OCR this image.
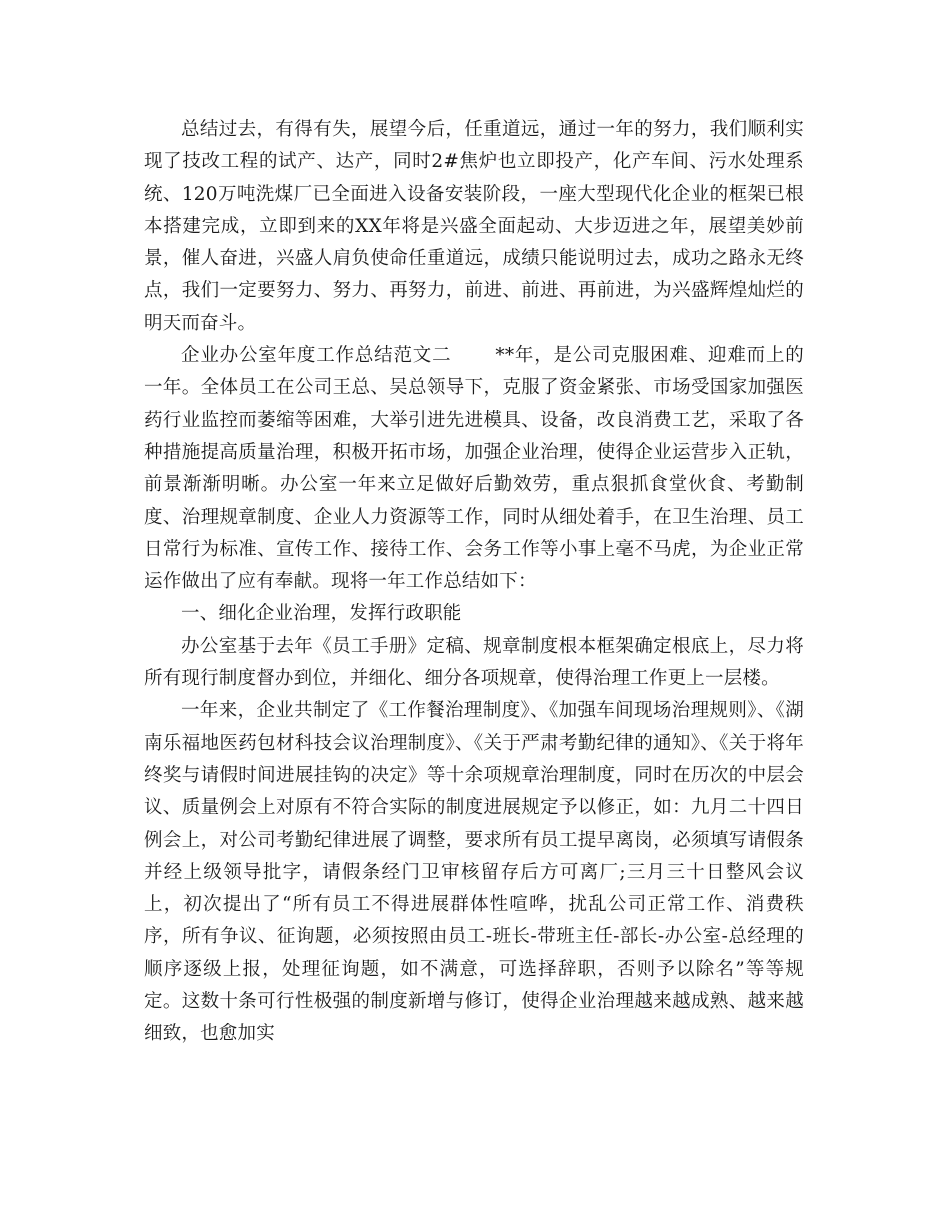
总结过去，有得有失，展望今后，任重道远，通过一年的努力，我们顺利实现了技改工程的试产、达产，同时2#焦炉也立即投产，化产车间、污水处理系统、120万吨洗煤厂已全面进入设备安装阶段，一座大型现代化企业的框架已根本搭建完成，立即到来的XX年将是兴盛全面起动、大步迈进之年，展望美妙前景，催人奋进，兴盛人肩负使命任重道远，成绩只能说明过去，成功之路永无终点，我们一定要努力、努力、再努力，前进、前进、再前进，为兴盛辉煌灿烂的明天而奋斗。

企业办公室年度工作总结范文二 **年，是公司克服困难、迎难而上的一年。全体员工在公司王总、吴总领导下，克服了资金紧张、市场受国家加强医药行业监控而萎缩等困难，大举引进先进模具、设备，改良消费工艺，采取了各种措施提高质量治理，积极开拓市场，加强企业治理，使得企业运营步入正轨，前景渐渐明晰。办公室一年来立足做好后勤效劳，重点狠抓食堂伙食、考勤制度、治理规章制度、企业人力资源等工作，同时从细处着手，在卫生治理、员工日常行为标准、宣传工作、接待工作、会务工作等小事上毫不马虎，为企业正常运作做出了应有奉献。现将一年工作总结如下：

一、细化企业治理，发挥行政职能

办公室基于去年《员工手册》定稿、规章制度根本框架确定根底上，尽力将所有现行制度督办到位，并细化、细分各项规章，使得治理工作更上一层楼。

一年来，企业共制定了《工作餐治理制度》、《加强车间现场治理规则》、《湖南乐福地医药包材科技会议治理制度》、《关于严肃考勤纪律的通知》、《关于将年终奖与请假时间进展挂钩的决定》等十余项规章治理制度，同时在历次的中层会议、质量例会上对原有不符合实际的制度进展规定予以修正，如：九月二十四日例会上，对公司考勤纪律进展了调整，要求所有员工提早离岗，必须填写请假条并经上级领导批字，请假条经门卫审核留存后方可离厂;三月三十日整风会议上，初次提出了“所有员工不得进展群体性喧哗，扰乱公司正常工作、消费秩序，所有争议、征询题，必须按照由员工-班长-带班主任-部长-办公室-总经理的顺序逐级上报，处理征询题，如不满意，可选择辞职，否则予以除名”等等规定。这数十条可行性极强的制度新增与修订，使得企业治理越来越成熟、越来越细致，也愈加实
